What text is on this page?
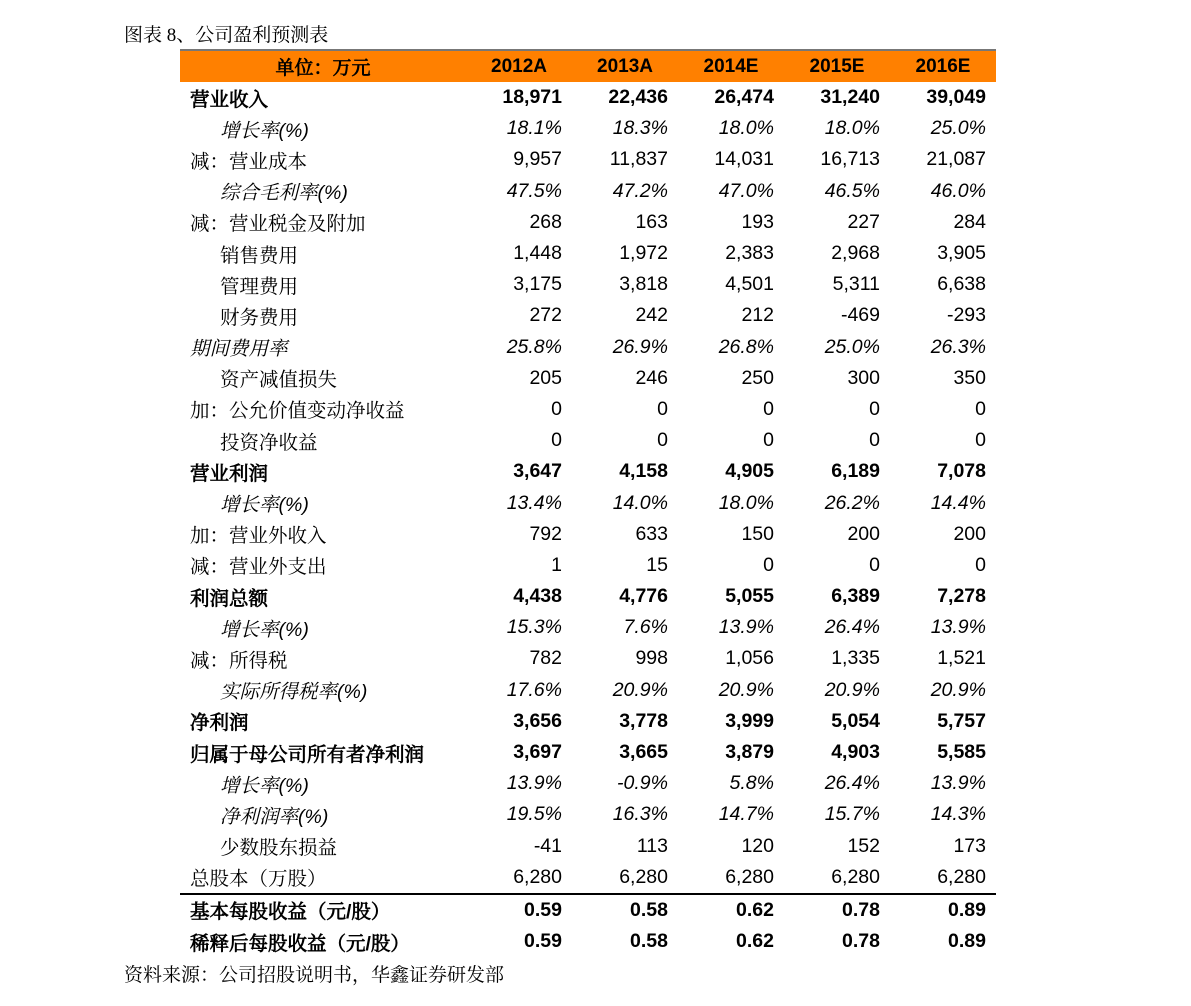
图表 8、公司盈利预测表
单位：万元	2012A	2013A	2014E	2015E	2016E
营业收入	18,971	22,436	26,474	31,240	39,049
增长率(%)	18.1%	18.3%	18.0%	18.0%	25.0%
减：营业成本	9,957	11,837	14,031	16,713	21,087
综合毛利率(%)	47.5%	47.2%	47.0%	46.5%	46.0%
减：营业税金及附加	268	163	193	227	284
销售费用	1,448	1,972	2,383	2,968	3,905
管理费用	3,175	3,818	4,501	5,311	6,638
财务费用	272	242	212	-469	-293
期间费用率	25.8%	26.9%	26.8%	25.0%	26.3%
资产减值损失	205	246	250	300	350
加：公允价值变动净收益	0	0	0	0	0
投资净收益	0	0	0	0	0
营业利润	3,647	4,158	4,905	6,189	7,078
增长率(%)	13.4%	14.0%	18.0%	26.2%	14.4%
加：营业外收入	792	633	150	200	200
减：营业外支出	1	15	0	0	0
利润总额	4,438	4,776	5,055	6,389	7,278
增长率(%)	15.3%	7.6%	13.9%	26.4%	13.9%
减：所得税	782	998	1,056	1,335	1,521
实际所得税率(%)	17.6%	20.9%	20.9%	20.9%	20.9%
净利润	3,656	3,778	3,999	5,054	5,757
归属于母公司所有者净利润	3,697	3,665	3,879	4,903	5,585
增长率(%)	13.9%	-0.9%	5.8%	26.4%	13.9%
净利润率(%)	19.5%	16.3%	14.7%	15.7%	14.3%
少数股东损益	-41	113	120	152	173
总股本（万股）	6,280	6,280	6,280	6,280	6,280
基本每股收益（元/股）	0.59	0.58	0.62	0.78	0.89
稀释后每股收益（元/股）	0.59	0.58	0.62	0.78	0.89
资料来源：公司招股说明书，华鑫证券研发部
